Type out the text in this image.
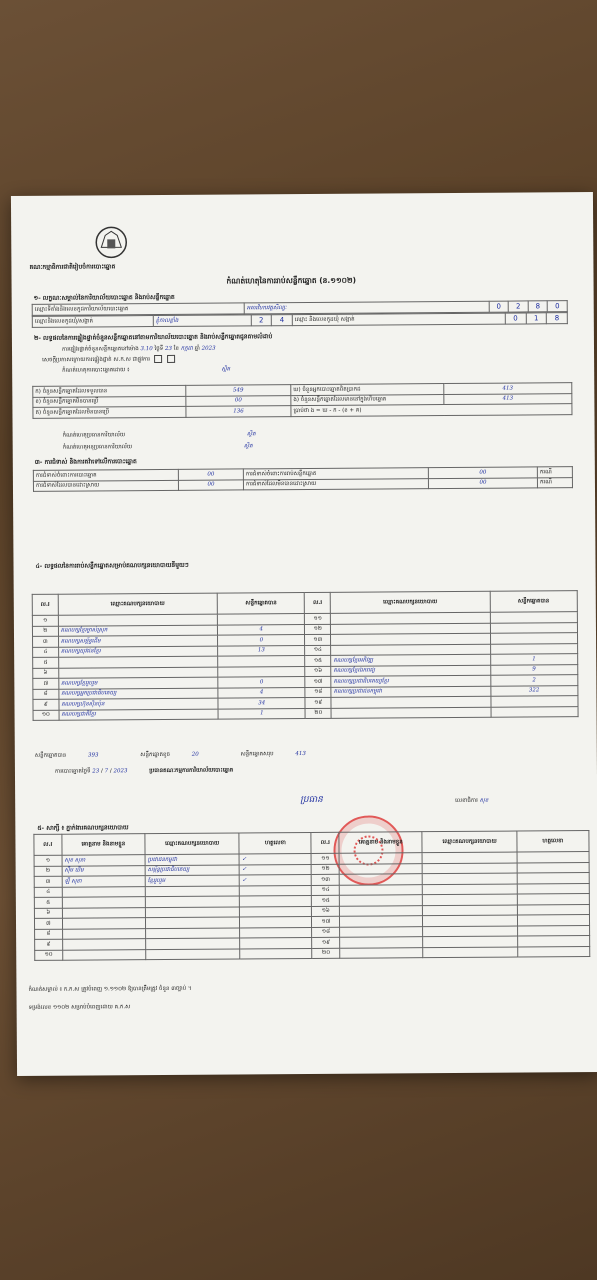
គណៈកម្មាធិការជាតិរៀបចំការបោះឆ្នោត
កំណត់ហេតុនៃការរាប់សន្លឹកឆ្នោត (ន.១១០២)
១- លក្ខណៈសម្គាល់នៃការិយាល័យបោះឆ្នោត និងរាប់សន្លឹកឆ្នោត
ឈ្មោះទីតាំងនិងលេខកូដការិយាល័យបោះឆ្នោត	អគារវិហារវត្តសិល្បៈ	0	2	8	0
ឈ្មោះនិងលេខកូដឃុំ/សង្កាត់	ខ្ញុំកាលខ្លាំង	2	4	ឈ្មោះ និងលេខកូដឃុំ សង្កាត់	0	1	8
២- លទ្ធផលនៃការផ្ទៀងផ្ទាត់ចំនួនសន្លឹកឆ្នោតនៅតាមការិយាល័យបោះឆ្នោត និងរាប់សន្លឹកឆ្នោតជូនតាមលំដាប់
ការផ្ទៀងផ្ទាត់ចំនួនសន្លឹកឆ្នោតនៅម៉ោង 3.10 ថ្ងៃទី 23 ខែ កក្កដា ឆ្នាំ 2023
សេចក្តីប្រកាសក្រោយការផ្ទៀងផ្ទាត់ ស.ក.ស ជាផ្លូវការ
កំណត់ហេតុការបោះឆ្នោតដោយ ៖	ស្ថិត
ក) ចំនួនសន្លឹកឆ្នោតដែលទទួលបាន	549	ឃ) ចំនួនអ្នកបោះឆ្នោតពិតប្រាកដ	413
ខ) ចំនួនសន្លឹកឆ្នោតមិនបានប្រើ	00	ង) ចំនួនសន្លឹកឆ្នោតដែលមាននៅក្នុងហិបឆ្នោត	413
គ) ចំនួនសន្លឹកឆ្នោតដែលមិនបានប្រើ	136	ប្រាប់ថា ង = ឃ - ក - (ខ + គ)	
កំណត់ហេតុប្រធានការិយាល័យ	ស្ថិត
កំណត់ហេតុអនុប្រធានការិយាល័យ	ស្ថិត
៣- ការជំទាស់ និងការតវ៉ាទៅលើការបោះឆ្នោត
ការជំទាស់ចំពោះការបោះឆ្នោត	00	ការជំទាស់ចំពោះការរាប់សន្លឹកឆ្នោត	00	ករណី
ការជំទាស់ដែលបានដោះស្រាយ	00	ការជំទាស់ដែលមិនបានដោះស្រាយ	00	ករណី
៤- លទ្ធផលនៃការរាប់សន្លឹកឆ្នោតសម្រាប់គណបក្សនយោបាយនីមួយៗ
ល.រ	ឈ្មោះគណបក្សនយោបាយ	សន្លឹកឆ្នោតបាន	ល.រ	ឈ្មោះគណបក្សនយោបាយ	សន្លឹកឆ្នោតបាន
១			១១		
២	គណបក្សខ្មែរម្ចាស់ស្រុក	4	១២		
៣	គណបក្សសម្ព័ន្ធដើម	0	១៣		
៤	គណបក្សយុវជនខ្មែរ	13	១៤		
៥			១៥	គណបក្សខ្មែរអភិវឌ្ឍ	1
៦			១៦	គណបក្សខ្មែរឯករាជ្យ	9
៧	គណបក្សខ្មែររួបរួម	0	១៧	គណបក្សប្រជាធិបតេយ្យខ្មែរ	2
៨	គណបក្សអ្នកប្រជាធិបតេយ្យ	4	១៨	គណបក្សប្រជាជនកម្ពុជា	322
៩	គណបក្សហ៊ុនស៊ិនប៉ុន	34	១៩		
១០	គណបក្សជាតិខ្មែរ	1	២០		
សន្លឹកឆ្នោតបាន	393	សន្លឹកឆ្នោតខូច	20	សន្លឹកឆ្នោតសរុប	413
ការបោះឆ្នោតថ្ងៃទី 23 / 7 / 2023	ប្រធានគណៈកម្មការការិយាល័យបោះឆ្នោត
ប្រធាន	លេខាធិការ សុខ
៥- សាក្សី ៖ ភ្នាក់ងារគណបក្សនយោបាយ
ល.រ	គោត្តនាម និងនាមខ្លួន	ឈ្មោះគណបក្សនយោបាយ	ហត្ថលេខា	ល.រ	គោត្តនាម និងនាមខ្លួន	ឈ្មោះគណបក្សនយោបាយ	ហត្ថលេខា
១	សុខ សុភា	ប្រជាជនកម្ពុជា	✓	១១			
២	ស៊ឹម ឃីម	សម្ព័ន្ធប្រជាធិបតេយ្យ	✓	១២			
៣	ឡី សុខា	ខ្មែររួបរួម	✓	១៣			
៤				១៤			
៥				១៥			
៦				១៦			
៧				១៧			
៨				១៨			
៩				១៩			
១០				២០			
កំណត់សម្គាល់ ៖ ក.ក.ស ត្រូវបំពេញ ១.១១០២ ឱ្យបានត្រឹមត្រូវ ចំនួន ៣ច្បាប់ ។
ទម្រង់លេខ ១១០២ សម្រាប់បំពេញដោយ គ.ក.ស
